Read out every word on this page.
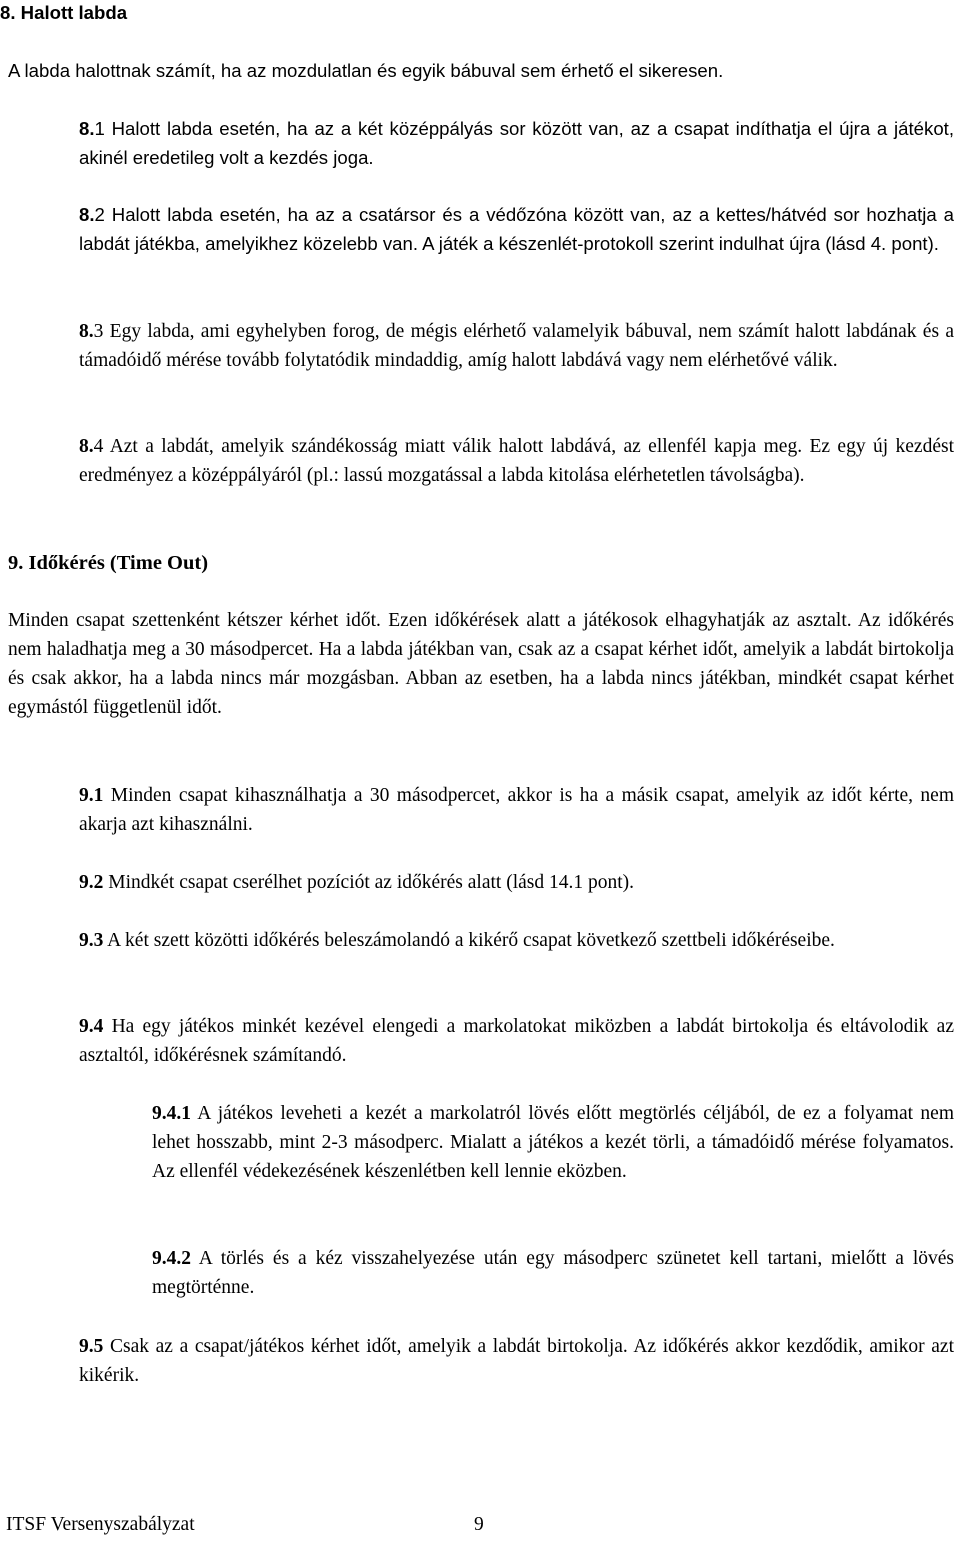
8. Halott labda
A labda halottnak számít, ha az mozdulatlan és egyik bábuval sem érhető el sikeresen.
8.1 Halott labda esetén, ha az a két középpályás sor között van, az a csapat indíthatja el újra a játékot, akinél eredetileg volt a kezdés joga.
8.2 Halott labda esetén, ha az a csatársor és a védőzóna között van, az a kettes/hátvéd sor hozhatja a labdát játékba, amelyikhez közelebb van. A játék a készenlét-protokoll szerint indulhat újra (lásd 4. pont).
8.3 Egy labda, ami egyhelyben forog, de mégis elérhető valamelyik bábuval, nem számít halott labdának és a támadóidő mérése tovább folytatódik mindaddig, amíg halott labdává vagy nem elérhetővé válik.
8.4 Azt a labdát, amelyik szándékosság miatt válik halott labdává, az ellenfél kapja meg. Ez egy új kezdést eredményez a középpályáról (pl.: lassú mozgatással a labda kitolása elérhetetlen távolságba).
9. Időkérés (Time Out)
Minden csapat szettenként kétszer kérhet időt. Ezen időkérések alatt a játékosok elhagyhatják az asztalt. Az időkérés nem haladhatja meg a 30 másodpercet. Ha a labda játékban van, csak az a csapat kérhet időt, amelyik a labdát birtokolja és csak akkor, ha a labda nincs már mozgásban. Abban az esetben, ha a labda nincs játékban, mindkét csapat kérhet egymástól függetlenül időt.
9.1 Minden csapat kihasználhatja a 30 másodpercet, akkor is ha a másik csapat, amelyik az időt kérte, nem akarja azt kihasználni.
9.2 Mindkét csapat cserélhet pozíciót az időkérés alatt (lásd 14.1 pont).
9.3 A két szett közötti időkérés beleszámolandó a kikérő csapat következő szettbeli időkéréseibe.
9.4 Ha egy játékos minkét kezével elengedi a markolatokat miközben a labdát birtokolja és eltávolodik az asztaltól, időkérésnek számítandó.
9.4.1 A játékos leveheti a kezét a markolatról lövés előtt megtörlés céljából, de ez a folyamat nem lehet hosszabb, mint 2-3 másodperc. Mialatt a játékos a kezét törli, a támadóidő mérése folyamatos. Az ellenfél védekezésének készenlétben kell lennie eközben.
9.4.2 A törlés és a kéz visszahelyezése után egy másodperc szünetet kell tartani, mielőtt a lövés megtörténne.
9.5 Csak az a csapat/játékos kérhet időt, amelyik a labdát birtokolja. Az időkérés akkor kezdődik, amikor azt kikérik.
ITSF Versenyszabályzat	9
